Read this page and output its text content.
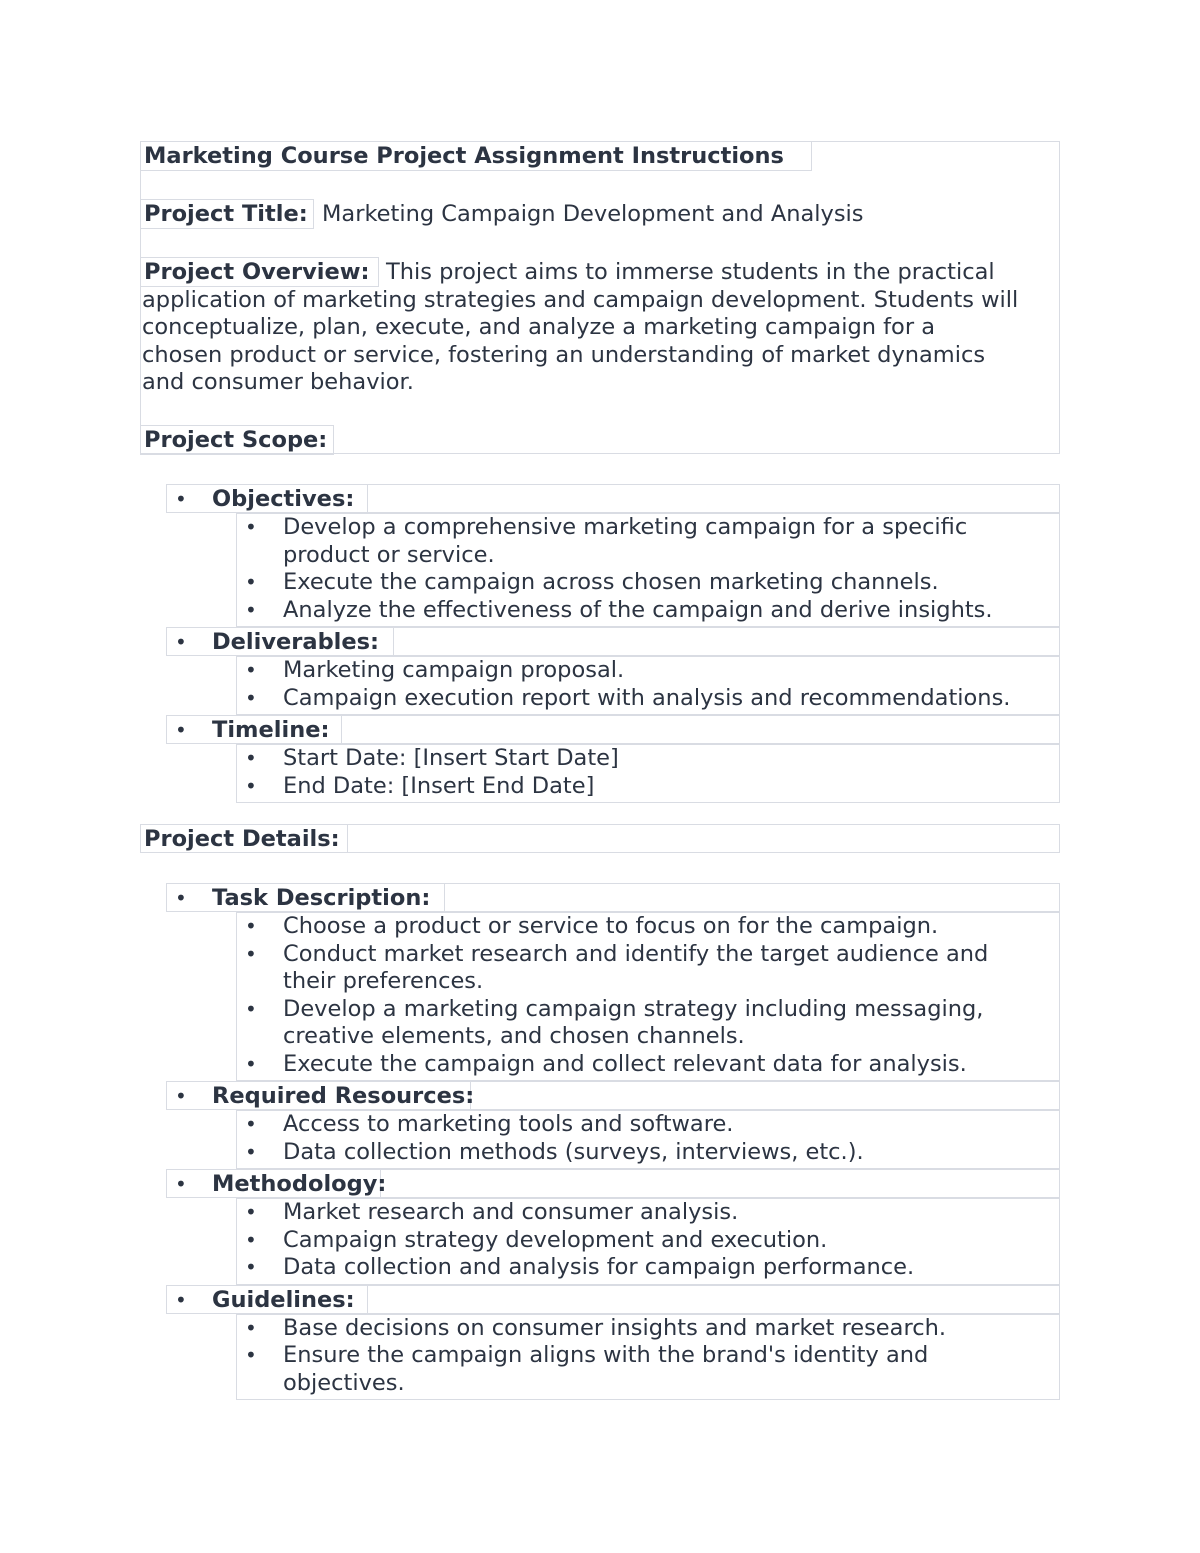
Marketing Course Project Assignment Instructions
Project Title: Marketing Campaign Development and Analysis
Project Overview: This project aims to immerse students in the practical
application of marketing strategies and campaign development. Students will
conceptualize, plan, execute, and analyze a marketing campaign for a
chosen product or service, fostering an understanding of market dynamics
and consumer behavior.
Project Scope:
• Objectives:
• Develop a comprehensive marketing campaign for a specific
product or service.
• Execute the campaign across chosen marketing channels.
• Analyze the effectiveness of the campaign and derive insights.
• Deliverables:
• Marketing campaign proposal.
• Campaign execution report with analysis and recommendations.
• Timeline:
• Start Date: [Insert Start Date]
• End Date: [Insert End Date]
Project Details:
• Task Description:
• Choose a product or service to focus on for the campaign.
• Conduct market research and identify the target audience and
their preferences.
• Develop a marketing campaign strategy including messaging,
creative elements, and chosen channels.
• Execute the campaign and collect relevant data for analysis.
• Required Resources:
• Access to marketing tools and software.
• Data collection methods (surveys, interviews, etc.).
• Methodology:
• Market research and consumer analysis.
• Campaign strategy development and execution.
• Data collection and analysis for campaign performance.
• Guidelines:
• Base decisions on consumer insights and market research.
• Ensure the campaign aligns with the brand's identity and
objectives.
